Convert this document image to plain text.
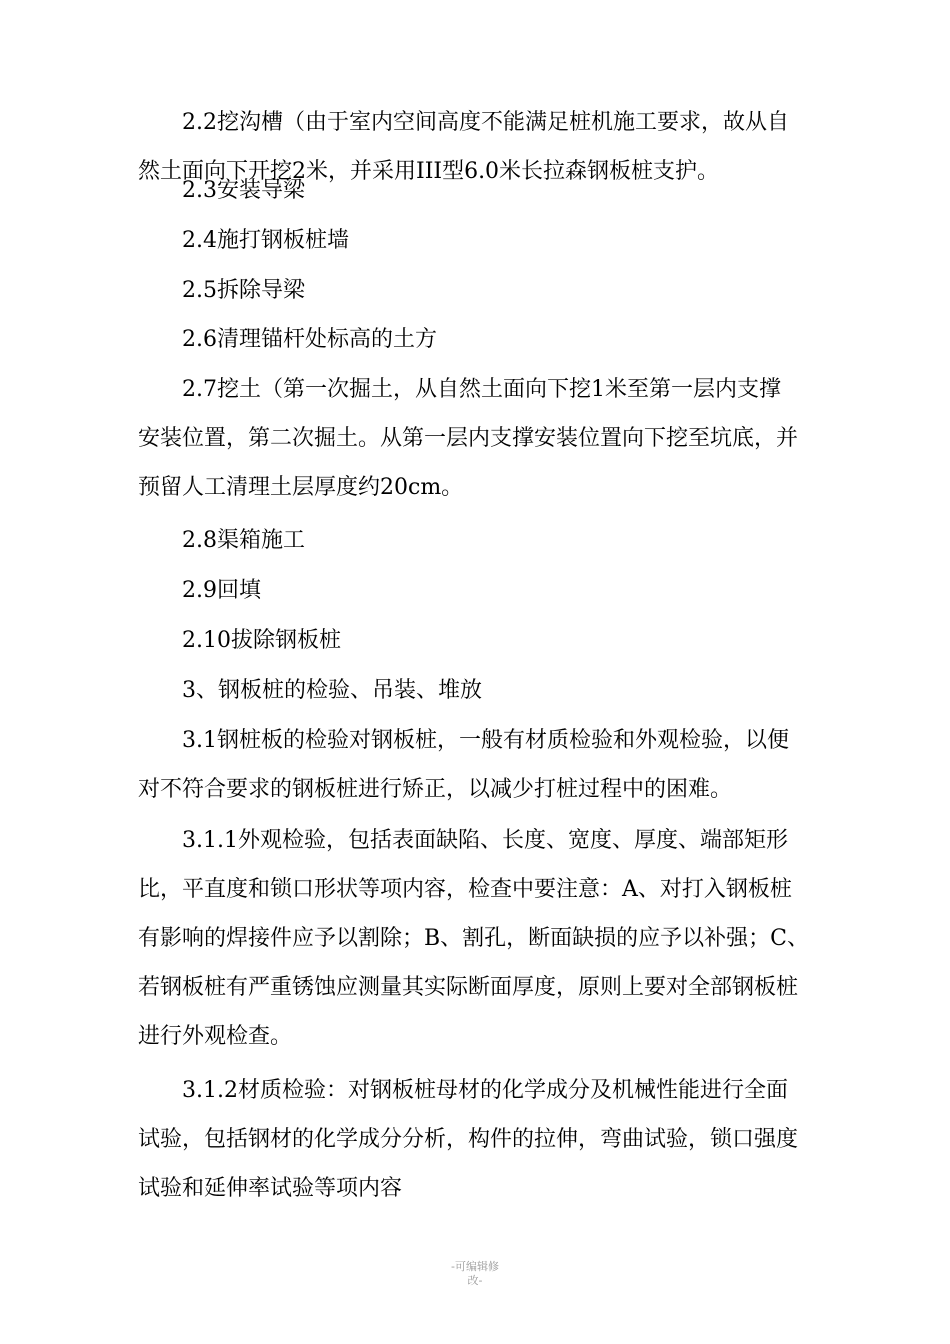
2.2挖沟槽（由于室内空间高度不能满足桩机施工要求，故从自
然土面向下开挖2米，并采用III型6.0米长拉森钢板桩支护。
2.3安装导梁
2.4施打钢板桩墙
2.5拆除导梁
2.6清理锚杆处标高的土方
2.7挖土（第一次掘土，从自然土面向下挖1米至第一层内支撑
安装位置，第二次掘土。从第一层内支撑安装位置向下挖至坑底，并
预留人工清理土层厚度约20cm。
2.8渠箱施工
2.9回填
2.10拔除钢板桩
3、钢板桩的检验、吊装、堆放
3.1钢桩板的检验对钢板桩，一般有材质检验和外观检验，以便
对不符合要求的钢板桩进行矫正，以减少打桩过程中的困难。
3.1.1外观检验，包括表面缺陷、长度、宽度、厚度、端部矩形
比，平直度和锁口形状等项内容，检查中要注意：A、对打入钢板桩
有影响的焊接件应予以割除；B、割孔，断面缺损的应予以补强；C、
若钢板桩有严重锈蚀应测量其实际断面厚度，原则上要对全部钢板桩
进行外观检查。
3.1.2材质检验：对钢板桩母材的化学成分及机械性能进行全面
试验，包括钢材的化学成分分析，构件的拉伸，弯曲试验，锁口强度
试验和延伸率试验等项内容
-可编辑修
改-
